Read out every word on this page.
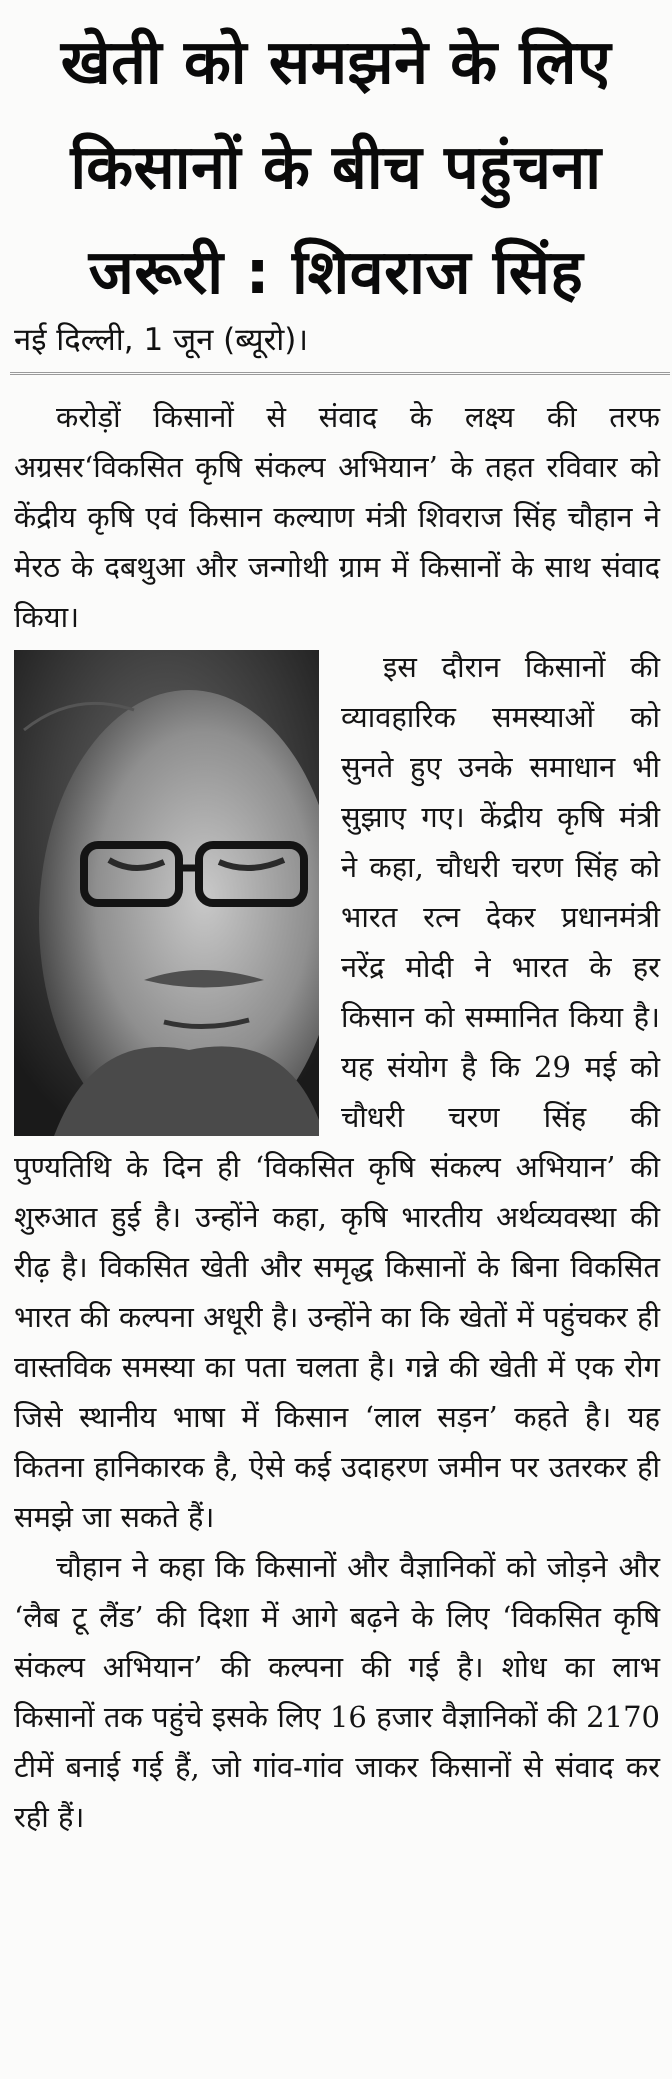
खेती को समझने के लिए
किसानों के बीच पहुंचना
जरूरी : शिवराज सिंह
नई दिल्ली, 1 जून (ब्यूरो)।

करोड़ों किसानों से संवाद के लक्ष्य की तरफ अग्रसर‘विकसित कृषि संकल्प अभियान’ के तहत रविवार को केंद्रीय कृषि एवं किसान कल्याण मंत्री शिवराज सिंह चौहान ने मेरठ के दबथुआ और जन्गोथी ग्राम में किसानों के साथ संवाद किया।

इस दौरान किसानों की व्यावहारिक समस्याओं को सुनते हुए उनके समाधान भी सुझाए गए। केंद्रीय कृषि मंत्री ने कहा, चौधरी चरण सिंह को भारत रत्न देकर प्रधानमंत्री नरेंद्र मोदी ने भारत के हर किसान को सम्मानित किया है। यह संयोग है कि 29 मई को चौधरी चरण सिंह की पुण्यतिथि के दिन ही ‘विकसित कृषि संकल्प अभियान’ की शुरुआत हुई है। उन्होंने कहा, कृषि भारतीय अर्थव्यवस्था की रीढ़ है। विकसित खेती और समृद्ध किसानों के बिना विकसित भारत की कल्पना अधूरी है। उन्होंने का कि खेतों में पहुंचकर ही वास्तविक समस्या का पता चलता है। गन्ने की खेती में एक रोग जिसे स्थानीय भाषा में किसान ‘लाल सड़न’ कहते है। यह कितना हानिकारक है, ऐसे कई उदाहरण जमीन पर उतरकर ही समझे जा सकते हैं।

चौहान ने कहा कि किसानों और वैज्ञानिकों को जोड़ने और ‘लैब टू लैंड’ की दिशा में आगे बढ़ने के लिए ‘विकसित कृषि संकल्प अभियान’ की कल्पना की गई है। शोध का लाभ किसानों तक पहुंचे इसके लिए 16 हजार वैज्ञानिकों की 2170 टीमें बनाई गई हैं, जो गांव-गांव जाकर किसानों से संवाद कर रही हैं।
